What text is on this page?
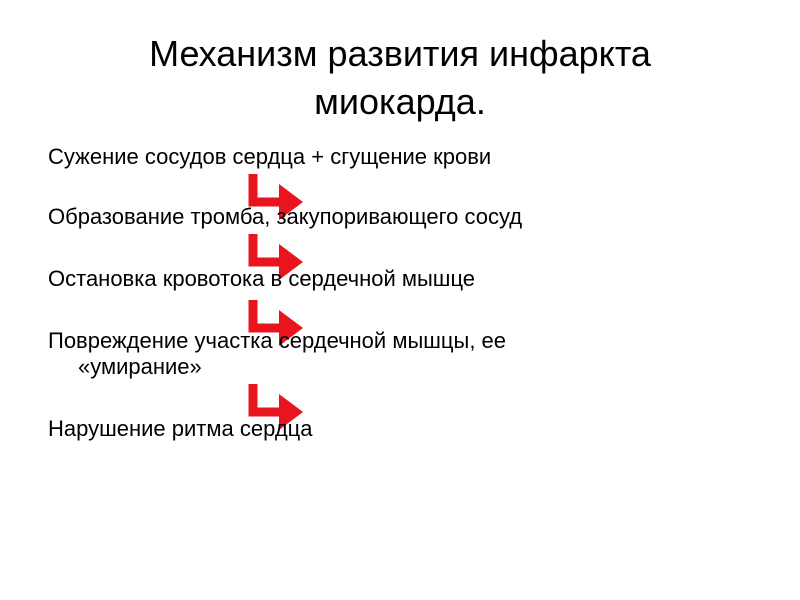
Механизм развития инфаркта
миокарда.

Сужение сосудов сердца + сгущение крови

Образование тромба, закупоривающего сосуд

Остановка кровотока в сердечной мышце

Повреждение участка сердечной мышцы, ее

«умирание»

Нарушение ритма сердца
